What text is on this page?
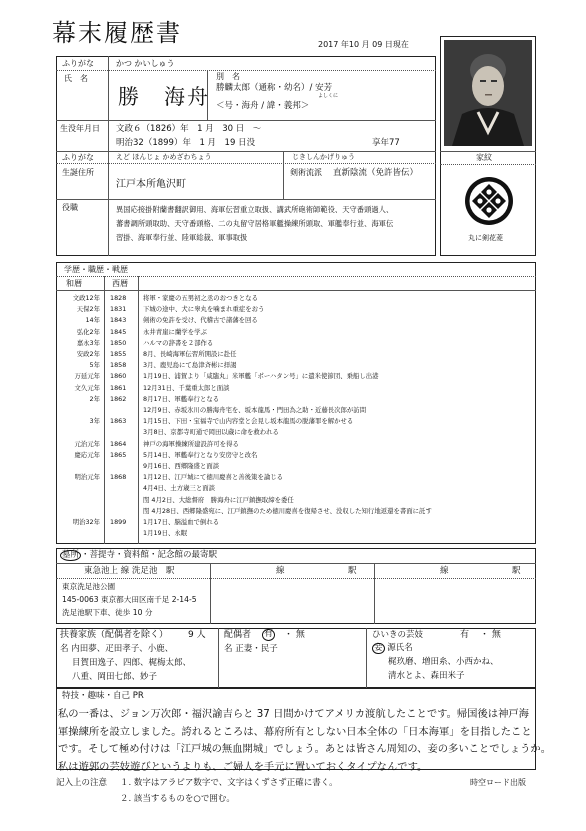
幕末履歴書	2017 年10 月 09 日現在
ふりがな	かつ かいしゅう
氏　名
勝　海舟
別　名
勝麟太郎（通称・幼名）/ 安芳
よしくに
＜号・海舟 / 諱・義邦＞
生没年月日 文政６（1826）年　1 月　30 日　〜
明治32（1899）年　1 月　19 日没	享年77
ふりがな	えど ほんじょ かめざわちょう	じきしんかげりゅう
生誕住所
江戸本所亀沢町
剣術流派 直新陰流（免許皆伝）
役職	異国応接掛附蘭書翻訳御用、海軍伝習重立取扱、講武所砲術師範役、天守番頭過人、
蕃書調所頭取助、天守番頭格、二の丸留守居格軍艦操練所頭取、軍艦奉行並、海軍伝
習掛、海軍奉行並、陸軍総裁、軍事取扱
家紋
丸に剣花菱
学歴・職歴・戦歴
和暦	西暦
文政12年 1828	将軍・家慶の五男初之丞のおつきとなる
天保2年 1831	下城の途中、犬に睾丸を噛まれ重症をおう
14年 1843	剣術の免許を受け、代稽古で諸藩を回る
弘化2年 1845	永井青崖に蘭学を学ぶ
嘉永3年 1850	ハルマの辞書を２部作る
安政2年 1855	8月、長崎海軍伝習所開設に赴任
5年 1858	3月、鹿児島にて島津斉彬に拝謁
万延元年 1860	1月19日、浦賀より「咸臨丸」米軍艦「ポーハタン号」に遣米使節団、乗船し出港
文久元年 1861	12月31日、千葉重太郎と面談
2年 1862	8月17日、軍艦奉行となる
12月9日、赤坂氷川の勝海舟宅を、坂本龍馬・門田為之助・近藤長次郎が訪問
3年 1863	1月15日、下田・宝福寺で山内容堂と会見し坂本龍馬の脱藩罪を解かせる
3月8日、京都寺町通で岡田以蔵に命を救われる
元治元年 1864	神戸の海軍操練所建設許可を得る
慶応元年 1865	5月14日、軍艦奉行となり安房守と改名
9月16日、西郷隆盛と面談
明治元年 1868	1月12日、江戸城にて徳川慶喜と善後策を論じる
4月4日、土方歳三と面談
閏 4月2日、大総督府　勝海舟に江戸鎮撫取締を委任
閏 4月28日、西郷隆盛宛に、江戸鎮撫のため徳川慶喜を復帰させ、没収した知行地返還を書面に託す
明治32年 1899	1月17日、脳溢血で倒れる
1月19日、永眠
墓所 ・菩提寺・資料館・記念館の最寄駅
東急池上 線 洗足池　駅	線	駅	線	駅
東京洗足池公園
145-0063 東京都大田区南千足 2-14-5
洗足池駅下車、徒歩 10 分
扶養家族（配偶者を除く） 9 人
名 内田夢、疋田孝子、小鹿、
目賀田逸子、四郎、梶梅太郎、
八重、岡田七郎、妙子
配偶者 有 ・ 無
名 正妻・民子
ひいきの芸妓	有 ・ 無
妾 源氏名
梶玖磨、増田糸、小西かね、
清水とよ、森田米子
特技・趣味・自己 PR
私の一番は、ジョン万次郎・福沢諭吉らと 37 日間かけてアメリカ渡航したことです。帰国後は神戸海
軍操練所を設立しました。誇れるところは、幕府所有としない日本全体の「日本海軍」を目指したこと
です。そして極め付けは「江戸城の無血開城」でしょう。あとは皆さん周知の、妾の多いことでしょうか。
私は遊郭の芸妓遊びというよりも、ご婦人を手元に置いておくタイプなんです。
記入上の注意 １. 数字はアラビア数字で、文字はくずさず正確に書く。
２. 該当するものを○で囲む。
時空ロード出版
